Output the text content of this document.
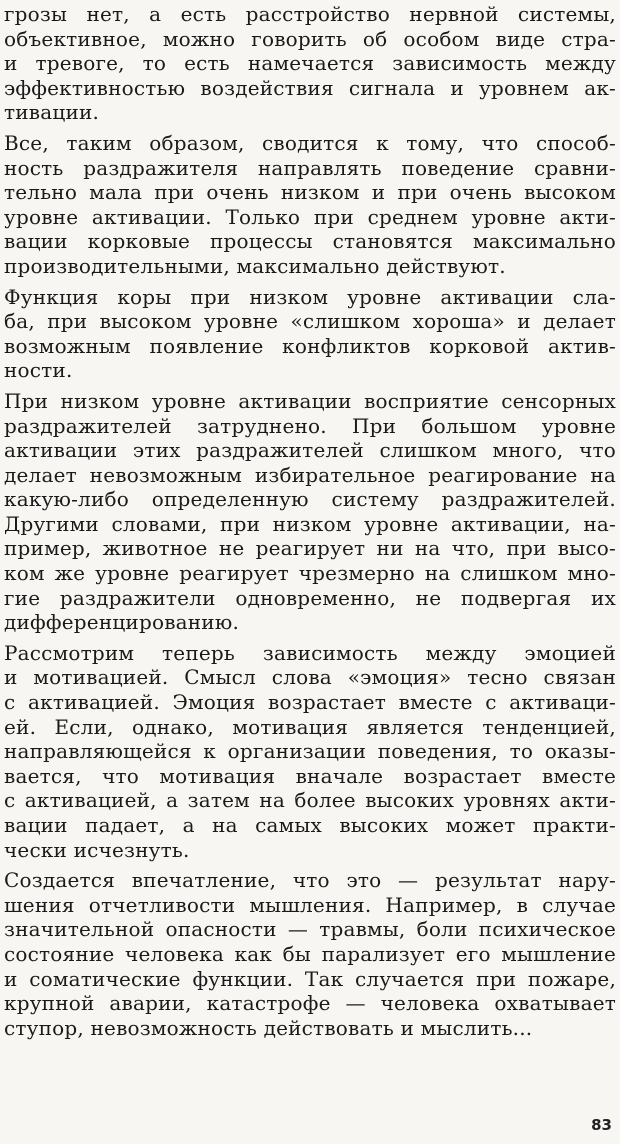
грозы нет, а есть расстройство нервной системы,
объективное, можно говорить об особом виде стра-
и тревоге, то есть намечается зависимость между
эффективностью воздействия сигнала и уровнем ак-
тивации.
Все, таким образом, сводится к тому, что способ-
ность раздражителя направлять поведение сравни-
тельно мала при очень низком и при очень высоком
уровне активации. Только при среднем уровне акти-
вации корковые процессы становятся максимально
производительными, максимально действуют.
Функция коры при низком уровне активации сла-
ба, при высоком уровне «слишком хороша» и делает
возможным появление конфликтов корковой актив-
ности.
При низком уровне активации восприятие сенсорных
раздражителей затруднено. При большом уровне
активации этих раздражителей слишком много, что
делает невозможным избирательное реагирование на
какую-либо определенную систему раздражителей.
Другими словами, при низком уровне активации, на-
пример, животное не реагирует ни на что, при высо-
ком же уровне реагирует чрезмерно на слишком мно-
гие раздражители одновременно, не подвергая их
дифференцированию.
Рассмотрим теперь зависимость между эмоцией
и мотивацией. Смысл слова «эмоция» тесно связан
с активацией. Эмоция возрастает вместе с активаци-
ей. Если, однако, мотивация является тенденцией,
направляющейся к организации поведения, то оказы-
вается, что мотивация вначале возрастает вместе
с активацией, а затем на более высоких уровнях акти-
вации падает, а на самых высоких может практи-
чески исчезнуть.
Создается впечатление, что это — результат нару-
шения отчетливости мышления. Например, в случае
значительной опасности — травмы, боли психическое
состояние человека как бы парализует его мышление
и соматические функции. Так случается при пожаре,
крупной аварии, катастрофе — человека охватывает
ступор, невозможность действовать и мыслить...
83
